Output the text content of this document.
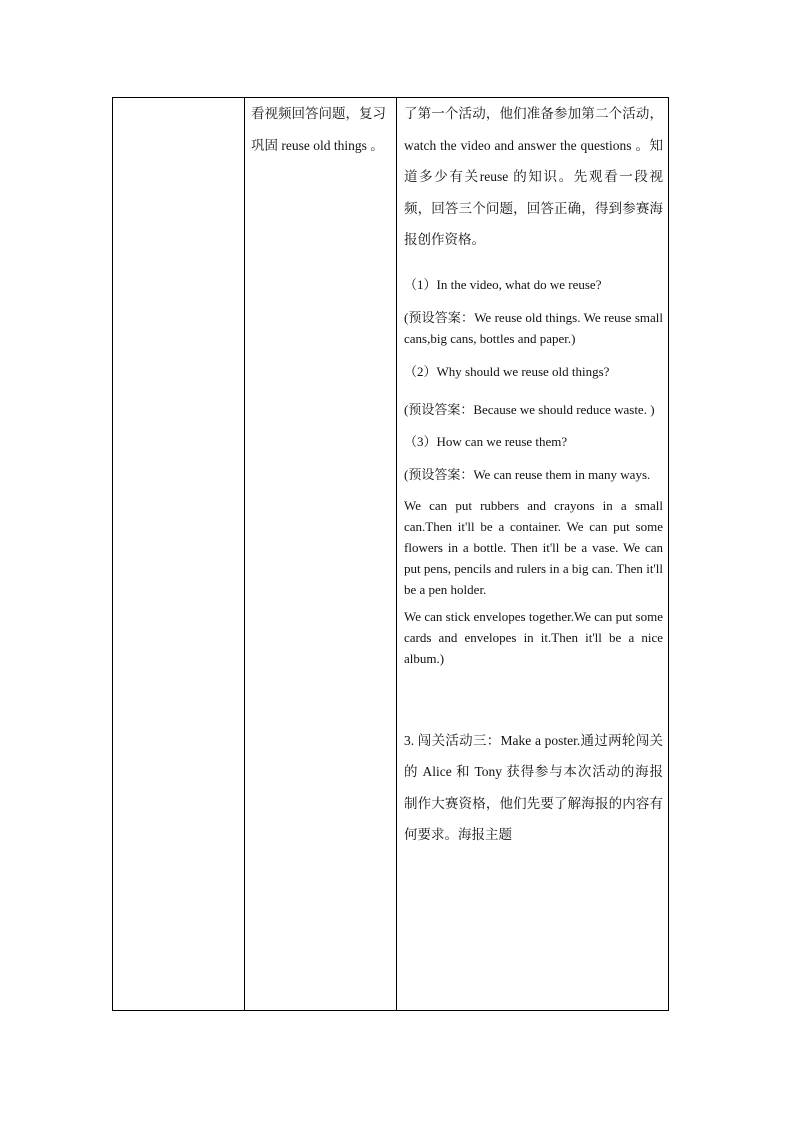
看视频回答问题，复习巩固 reuse old things 。

了第一个活动，他们准备参加第二个活动，watch the video and answer the questions 。知道多少有关reuse 的知识。先观看一段视频，回答三个问题，回答正确，得到参赛海报创作资格。

（1）In the video, what do we reuse?

(预设答案：We reuse old things. We reuse small cans,big cans, bottles and paper.)

（2）Why should we reuse old things?

(预设答案：Because we should reduce waste. )

（3）How can we reuse them?

(预设答案：We can reuse them in many ways.

We can put rubbers and crayons in a small can.Then it'll be a container. We can put some flowers in a bottle. Then it'll be a vase. We can put pens, pencils and rulers in a big can. Then it'll be a pen holder.

We can stick envelopes together.We can put some cards and envelopes in it.Then it'll be a nice album.)

3. 闯关活动三：Make a poster.通过两轮闯关的 Alice 和 Tony 获得参与本次活动的海报制作大赛资格，他们先要了解海报的内容有何要求。海报主题
